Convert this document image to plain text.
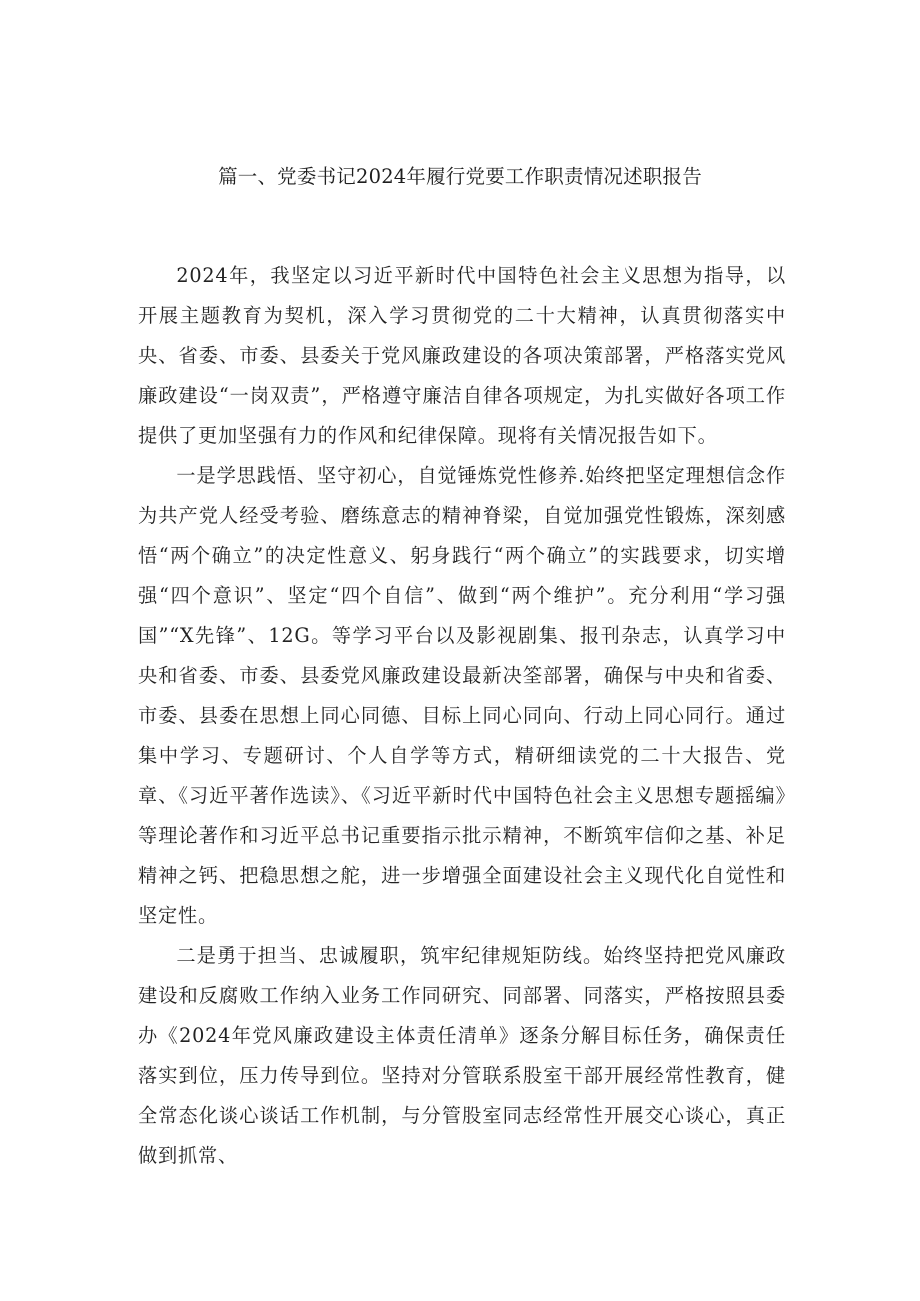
篇一、党委书记2024年履行党要工作职责情况述职报告

2024年，我坚定以习近平新时代中国特色社会主义思想为指导，以开展主题教育为契机，深入学习贯彻党的二十大精神，认真贯彻落实中央、省委、市委、县委关于党风廉政建设的各项决策部署，严格落实党风廉政建设“一岗双责”，严格遵守廉洁自律各项规定，为扎实做好各项工作提供了更加坚强有力的作风和纪律保障。现将有关情况报告如下。

一是学思践悟、坚守初心，自觉锤炼党性修养.始终把坚定理想信念作为共产党人经受考验、磨练意志的精神脊梁，自觉加强党性锻炼，深刻感悟“两个确立”的决定性意义、躬身践行“两个确立”的实践要求，切实增强“四个意识”、坚定“四个自信”、做到“两个维护”。充分利用“学习强国”“X先锋”、12G。等学习平台以及影视剧集、报刊杂志，认真学习中央和省委、市委、县委党风廉政建设最新决筌部署，确保与中央和省委、市委、县委在思想上同心同德、目标上同心同向、行动上同心同行。通过集中学习、专题研讨、个人自学等方式，精研细读党的二十大报告、党章、《习近平著作选读》、《习近平新时代中国特色社会主义思想专题摇编》等理论著作和习近平总书记重要指示批示精神，不断筑牢信仰之基、补足精神之钙、把稳思想之舵，进一步增强全面建设社会主义现代化自觉性和坚定性。

二是勇于担当、忠诚履职，筑牢纪律规矩防线。始终坚持把党风廉政建设和反腐败工作纳入业务工作同研究、同部署、同落实，严格按照县委办《2024年党风廉政建设主体责任清单》逐条分解目标任务，确保责任落实到位，压力传导到位。坚持对分管联系股室干部开展经常性教育，健全常态化谈心谈话工作机制，与分管股室同志经常性开展交心谈心，真正做到抓常、
